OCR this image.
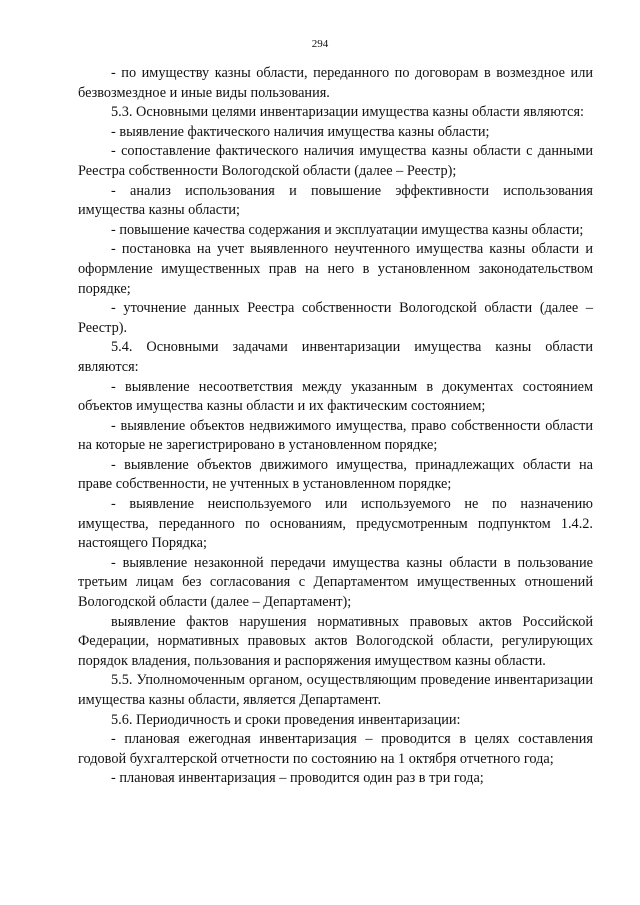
294

- по имуществу казны области, переданного по договорам в возмездное или безвозмездное и иные виды пользования.

5.3. Основными целями инвентаризации имущества казны области являются:

- выявление фактического наличия имущества казны области;

- сопоставление фактического наличия имущества казны области с данными Реестра собственности Вологодской области (далее – Реестр);

- анализ использования и повышение эффективности использования имущества казны области;

- повышение качества содержания и эксплуатации имущества казны области;

- постановка на учет выявленного неучтенного имущества казны области и оформление имущественных прав на него в установленном законодательством порядке;

- уточнение данных Реестра собственности Вологодской области (далее – Реестр).

5.4. Основными задачами инвентаризации имущества казны области являются:

- выявление несоответствия между указанным в документах состоянием объектов имущества казны области и их фактическим состоянием;

- выявление объектов недвижимого имущества, право собственности области на которые не зарегистрировано в установленном порядке;

- выявление объектов движимого имущества, принадлежащих области на праве собственности, не учтенных в установленном порядке;

- выявление неиспользуемого или используемого не по назначению имущества, переданного по основаниям, предусмотренным подпунктом 1.4.2. настоящего Порядка;

- выявление незаконной передачи имущества казны области в пользование третьим лицам без согласования с Департаментом имущественных отношений Вологодской области (далее – Департамент);

выявление фактов нарушения нормативных правовых актов Российской Федерации, нормативных правовых актов Вологодской области, регулирующих порядок владения, пользования и распоряжения имуществом казны области.

5.5. Уполномоченным органом, осуществляющим проведение инвентаризации имущества казны области, является Департамент.

5.6. Периодичность и сроки проведения инвентаризации:

- плановая ежегодная инвентаризация – проводится в целях составления годовой бухгалтерской отчетности по состоянию на 1 октября отчетного года;

- плановая инвентаризация – проводится один раз в три года;
